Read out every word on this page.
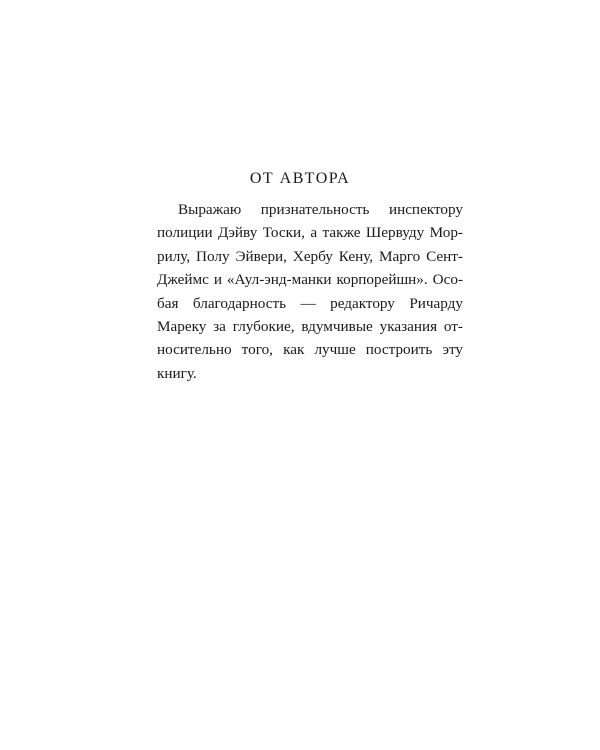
ОТ АВТОРА
Выражаю признательность инспектору
полиции Дэйву Тоски, а также Шервуду Мор-
рилу, Полу Эйвери, Хербу Кену, Марго Сент-
Джеймс и «Аул-энд-манки корпорейшн». Осо-
бая благодарность — редактору Ричарду
Мареку за глубокие, вдумчивые указания от-
носительно того, как лучше построить эту
книгу.
